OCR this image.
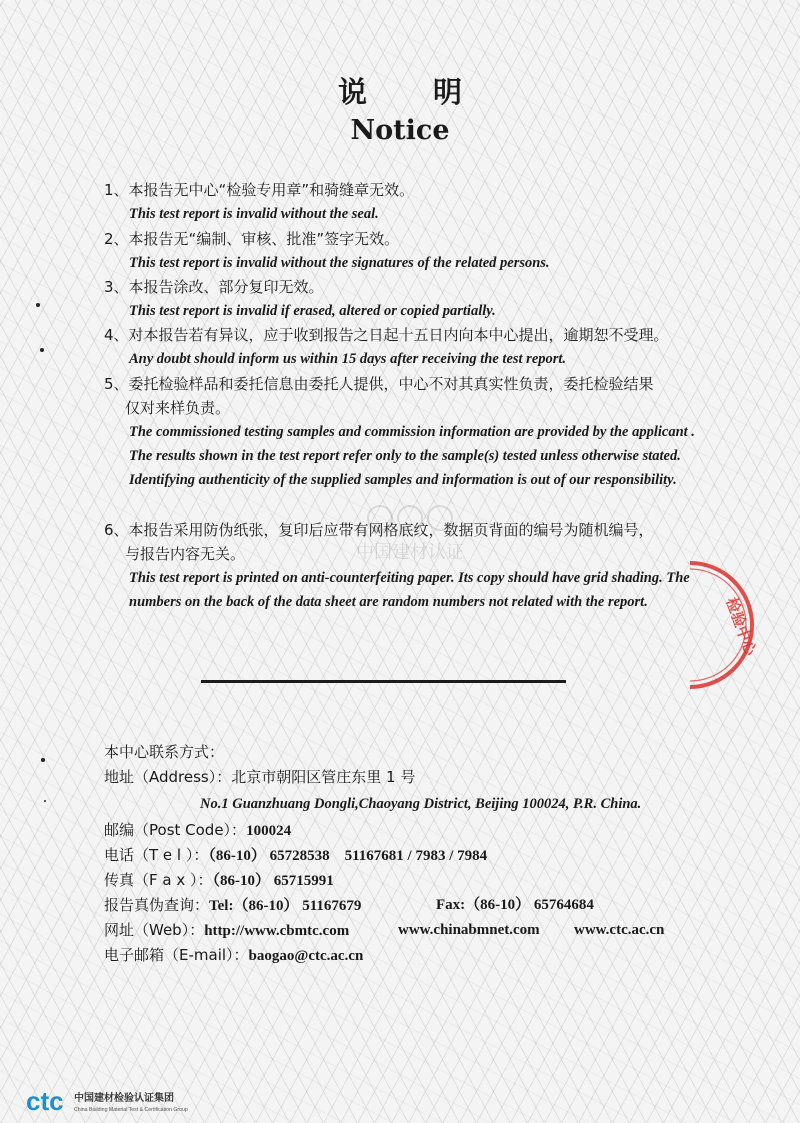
说 明
Notice

1、本报告无中心“检验专用章”和骑缝章无效。

This test report is invalid without the seal.

2、本报告无“编制、审核、批准”签字无效。

This test report is invalid without the signatures of the related persons.

3、本报告涂改、部分复印无效。

This test report is invalid if erased, altered or copied partially.

4、对本报告若有异议，应于收到报告之日起十五日内向本中心提出，逾期恕不受理。

Any doubt should inform us within 15 days after receiving the test report.

5、委托检验样品和委托信息由委托人提供，中心不对其真实性负责，委托检验结果

仅对来样负责。

The commissioned testing samples and commission information are provided by the applicant . The results shown in the test report refer only to the sample(s) tested unless otherwise stated. Identifying authenticity of the supplied samples and information is out of our responsibility.

6、本报告采用防伪纸张，复印后应带有网格底纹，数据页背面的编号为随机编号，

与报告内容无关。

This test report is printed on anti-counterfeiting paper. Its copy should have grid shading. The numbers on the back of the data sheet are random numbers not related with the report.

本中心联系方式：
地址（Address）：北京市朝阳区管庄东里 1 号
No.1 Guanzhuang Dongli,Chaoyang District, Beijing 100024, P.R. China.
邮编（Post Code）：100024
电话（T e l ）：（86-10） 65728538    51167681 / 7983 / 7984
传真（F a x ）：（86-10） 65715991
报告真伪查询：Tel:（86-10） 51167679	Fax:（86-10） 65764684
网址（Web）：http://www.cbmtc.com	www.chinabmnet.com www.ctc.ac.cn
电子邮箱（E-mail）：baogao@ctc.ac.cn
中国建材认证
检验中心
ctc 中国建材检验认证集团
China Building Material Test & Certification Group
